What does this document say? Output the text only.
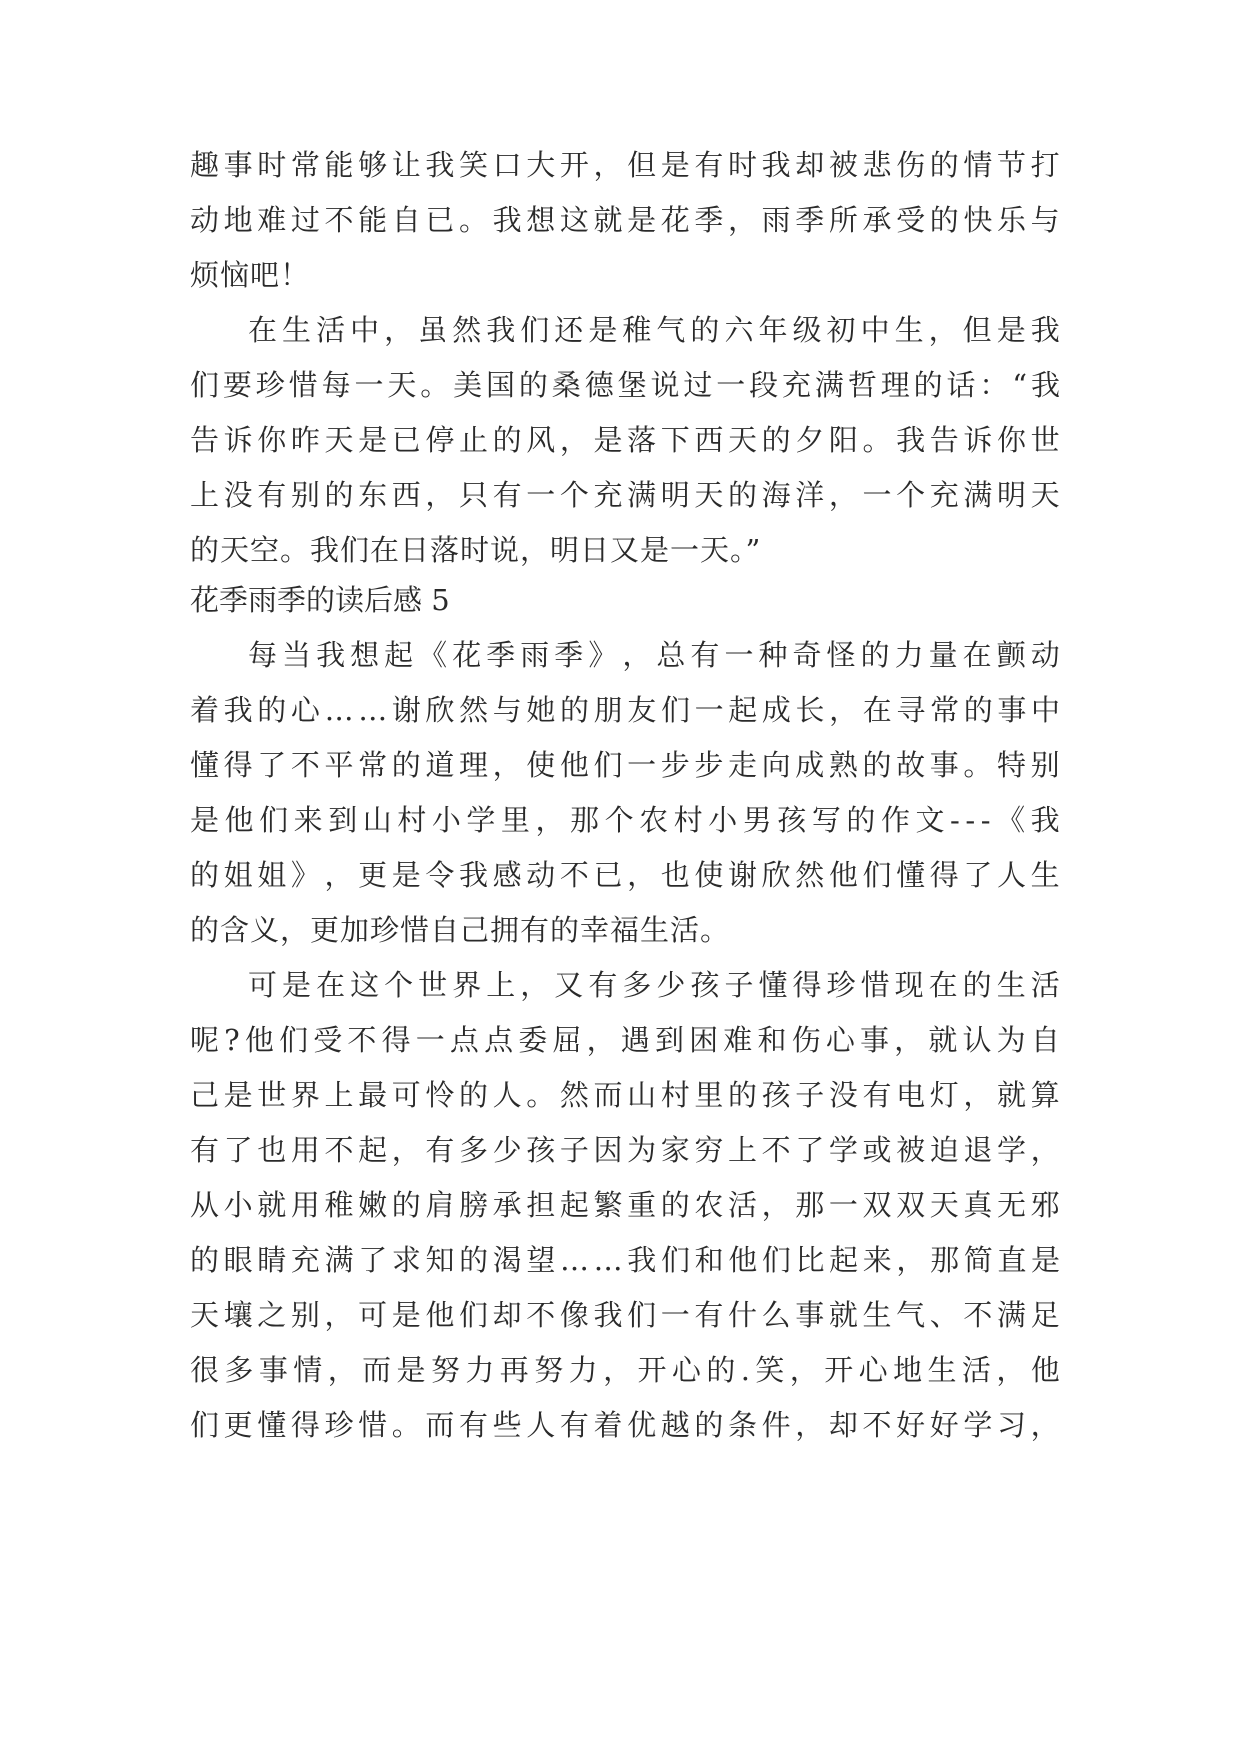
趣 事 时 常 能 够 让 我 笑 口 大 开 ， 但 是 有 时 我 却 被 悲 伤 的 情 节 打
动 地 难 过 不 能 自 已 。 我 想 这 就 是 花 季 ， 雨 季 所 承 受 的 快 乐 与
烦恼吧！
在 生 活 中 ， 虽 然 我 们 还 是 稚 气 的 六 年 级 初 中 生 ， 但 是 我
们 要 珍 惜 每 一 天 。 美 国 的 桑 德 堡 说 过 一 段 充 满 哲 理 的 话 ： “ 我
告 诉 你 昨 天 是 已 停 止 的 风 ， 是 落 下 西 天 的 夕 阳 。 我 告 诉 你 世
上 没 有 别 的 东 西 ， 只 有 一 个 充 满 明 天 的 海 洋 ， 一 个 充 满 明 天
的天空。我们在日落时说，明日又是一天。”
花季雨季的读后感 5
每 当 我 想 起 《 花 季 雨 季 》 ， 总 有 一 种 奇 怪 的 力 量 在 颤 动
着 我 的 心 … … 谢 欣 然 与 她 的 朋 友 们 一 起 成 长 ， 在 寻 常 的 事 中
懂 得 了 不 平 常 的 道 理 ， 使 他 们 一 步 步 走 向 成 熟 的 故 事 。 特 别
是 他 们 来 到 山 村 小 学 里 ， 那 个 农 村 小 男 孩 写 的 作 文 - - - 《 我
的 姐 姐 》 ， 更 是 令 我 感 动 不 已 ， 也 使 谢 欣 然 他 们 懂 得 了 人 生
的含义，更加珍惜自己拥有的幸福生活。
可 是 在 这 个 世 界 上 ， 又 有 多 少 孩 子 懂 得 珍 惜 现 在 的 生 活
呢 ? 他 们 受 不 得 一 点 点 委 屈 ， 遇 到 困 难 和 伤 心 事 ， 就 认 为 自
己 是 世 界 上 最 可 怜 的 人 。 然 而 山 村 里 的 孩 子 没 有 电 灯 ， 就 算
有 了 也 用 不 起 ， 有 多 少 孩 子 因 为 家 穷 上 不 了 学 或 被 迫 退 学 ，
从 小 就 用 稚 嫩 的 肩 膀 承 担 起 繁 重 的 农 活 ， 那 一 双 双 天 真 无 邪
的 眼 睛 充 满 了 求 知 的 渴 望 … … 我 们 和 他 们 比 起 来 ， 那 简 直 是
天 壤 之 别 ， 可 是 他 们 却 不 像 我 们 一 有 什 么 事 就 生 气 、 不 满 足
很 多 事 情 ， 而 是 努 力 再 努 力 ， 开 心 的 . 笑 ， 开 心 地 生 活 ， 他
们 更 懂 得 珍 惜 。 而 有 些 人 有 着 优 越 的 条 件 ， 却 不 好 好 学 习 ，
